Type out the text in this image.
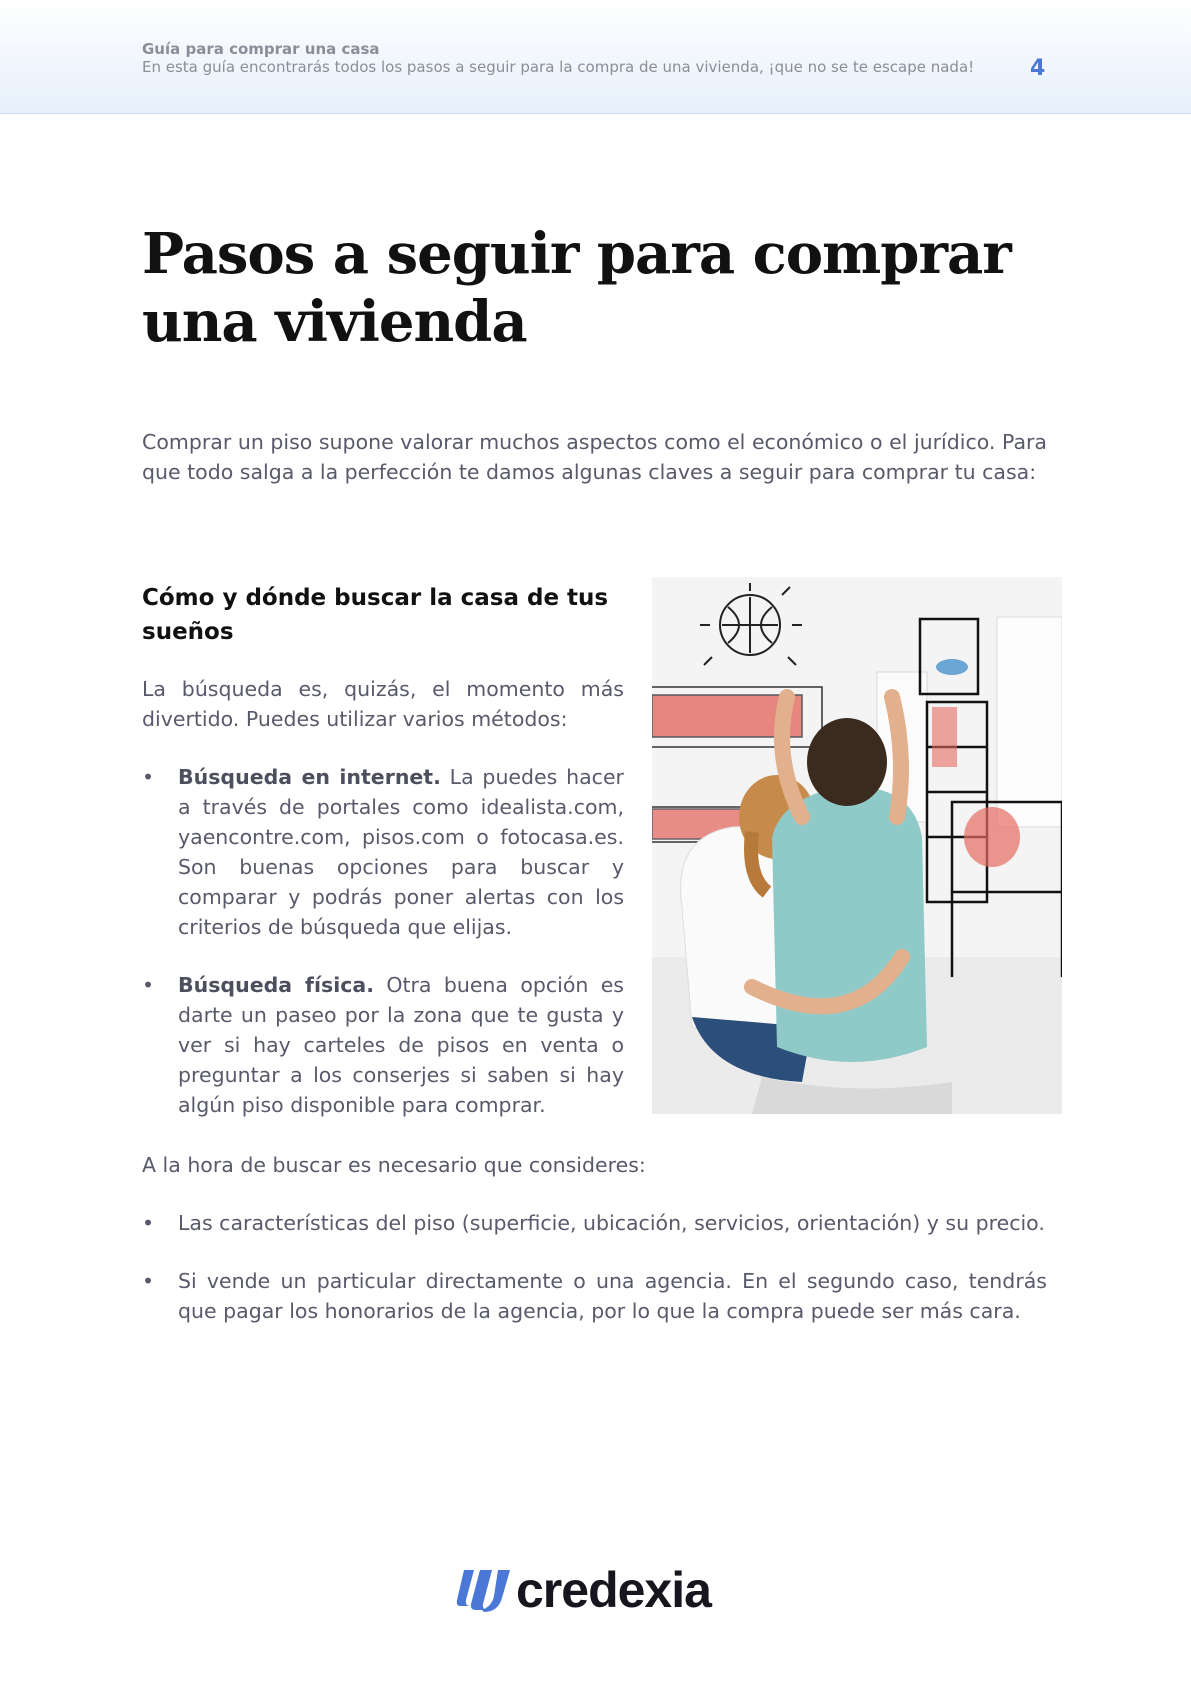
Guía para comprar una casa
En esta guía encontrarás todos los pasos a seguir para la compra de una vivienda, ¡que no se te escape nada!	4
Pasos a seguir para comprar una vivienda

Comprar un piso supone valorar muchos aspectos como el económico o el jurídico. Para que todo salga a la perfección te damos algunas claves a seguir para comprar tu casa:

Cómo y dónde buscar la casa de tus sueños

La búsqueda es, quizás, el momento más divertido. Puedes utilizar varios métodos:

• Búsqueda en internet. La puedes hacer a través de portales como idealista.com, yaencontre.com, pisos.com o fotocasa.es. Son buenas opciones para buscar y comparar y podrás poner alertas con los criterios de búsqueda que elijas.
• Búsqueda física. Otra buena opción es darte un paseo por la zona que te gusta y ver si hay carteles de pisos en venta o preguntar a los conserjes si saben si hay algún piso disponible para comprar.

A la hora de buscar es necesario que consideres:

• Las características del piso (superficie, ubicación, servicios, orientación) y su precio.
• Si vende un particular directamente o una agencia. En el segundo caso, tendrás que pagar los honorarios de la agencia, por lo que la compra puede ser más cara.
credexia
